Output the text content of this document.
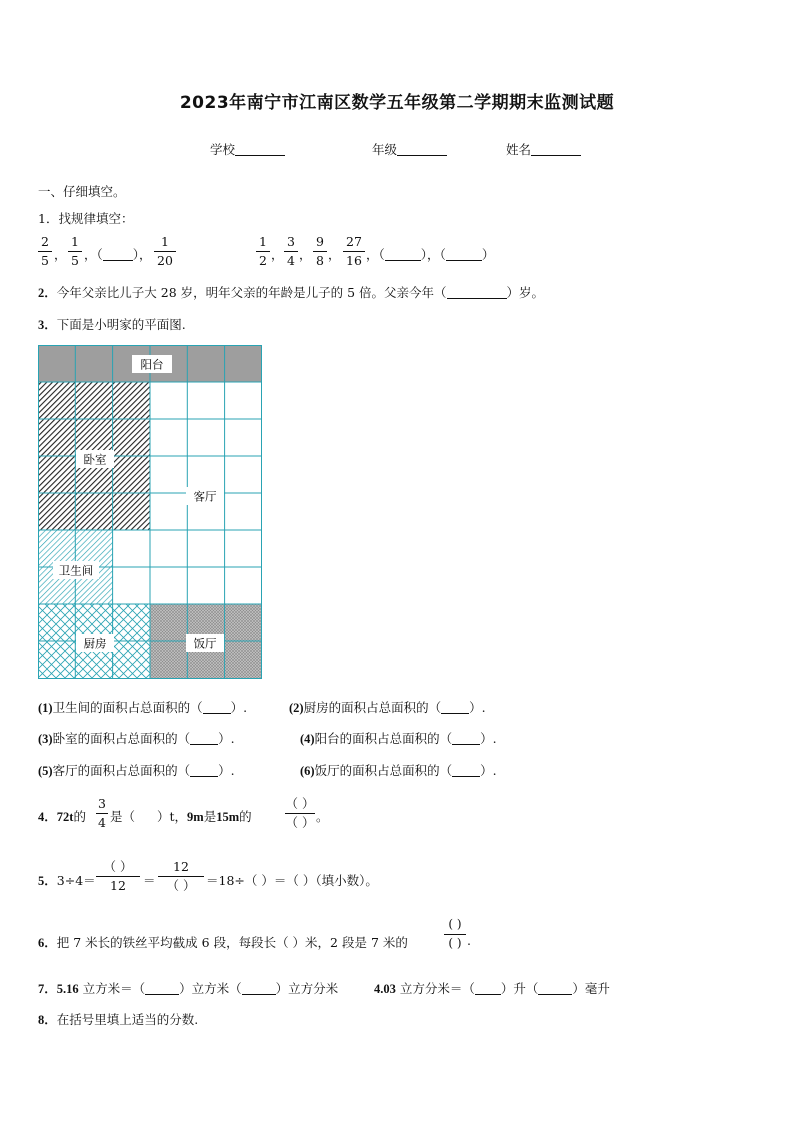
2023年南宁市江南区数学五年级第二学期期末监测试题
学校	年级	姓名
一、仔细填空。
1．找规律填空：
2
5 ，
1
5 ，（ ），
1
20
1
2 ，
3
4 ，
9
8 ，
27
16 ，（	），（	）
2．今年父亲比儿子大 28 岁，明年父亲的年龄是儿子的 5 倍。父亲今年（	）岁。
3．下面是小明家的平面图.
阳台
卧室
客厅
卫生间
厨房	饭厅
(1)卫生间的面积占总面积的（ ）.	(2)厨房的面积占总面积的（ ）.
(3)卧室的面积占总面积的（ ）.	(4)阳台的面积占总面积的（ ）.
(5)客厅的面积占总面积的（ ）.	(6)饭厅的面积占总面积的（ ）.
4．72t的
3
4 是（ ）t，9m是15m的
（ ）
（ ） 。
5．3÷4＝
（ ）
12	＝
12
（ ） ＝18÷（ ）＝（ ）（填小数）。
6．把 7 米长的铁丝平均截成 6 段，每段长（ ）米，2 段是 7 米的
( )
( ) .
7．5.16 立方米＝（	）立方米（	）立方分米	4.03 立方分米＝（ ）升（	）毫升
8．在括号里填上适当的分数.
